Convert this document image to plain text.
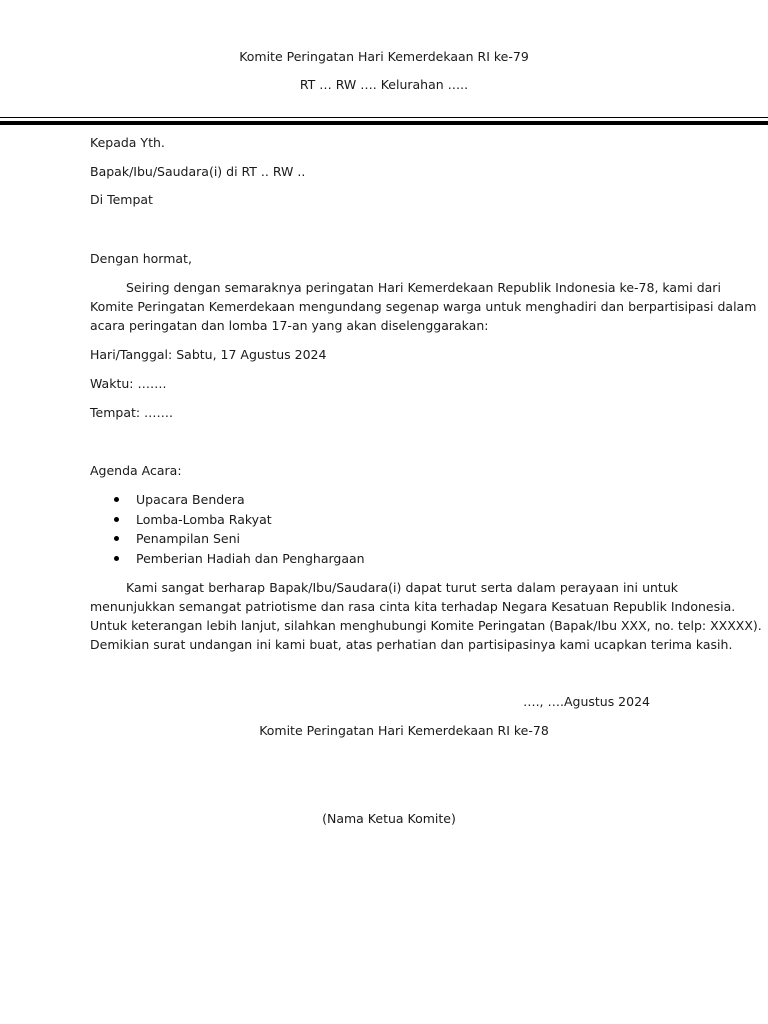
Komite Peringatan Hari Kemerdekaan RI ke-79
RT … RW …. Kelurahan …..
Kepada Yth.
Bapak/Ibu/Saudara(i) di RT .. RW ..
Di Tempat
Dengan hormat,
Seiring dengan semaraknya peringatan Hari Kemerdekaan Republik Indonesia ke-78, kami dari
Komite Peringatan Kemerdekaan mengundang segenap warga untuk menghadiri dan berpartisipasi dalam
acara peringatan dan lomba 17-an yang akan diselenggarakan:
Hari/Tanggal: Sabtu, 17 Agustus 2024
Waktu: …….
Tempat: …….
Agenda Acara:
Upacara Bendera
Lomba-Lomba Rakyat
Penampilan Seni
Pemberian Hadiah dan Penghargaan
Kami sangat berharap Bapak/Ibu/Saudara(i) dapat turut serta dalam perayaan ini untuk
menunjukkan semangat patriotisme dan rasa cinta kita terhadap Negara Kesatuan Republik Indonesia.
Untuk keterangan lebih lanjut, silahkan menghubungi Komite Peringatan (Bapak/Ibu XXX, no. telp: XXXXX).
Demikian surat undangan ini kami buat, atas perhatian dan partisipasinya kami ucapkan terima kasih.
…., ….Agustus 2024
Komite Peringatan Hari Kemerdekaan RI ke-78
(Nama Ketua Komite)
